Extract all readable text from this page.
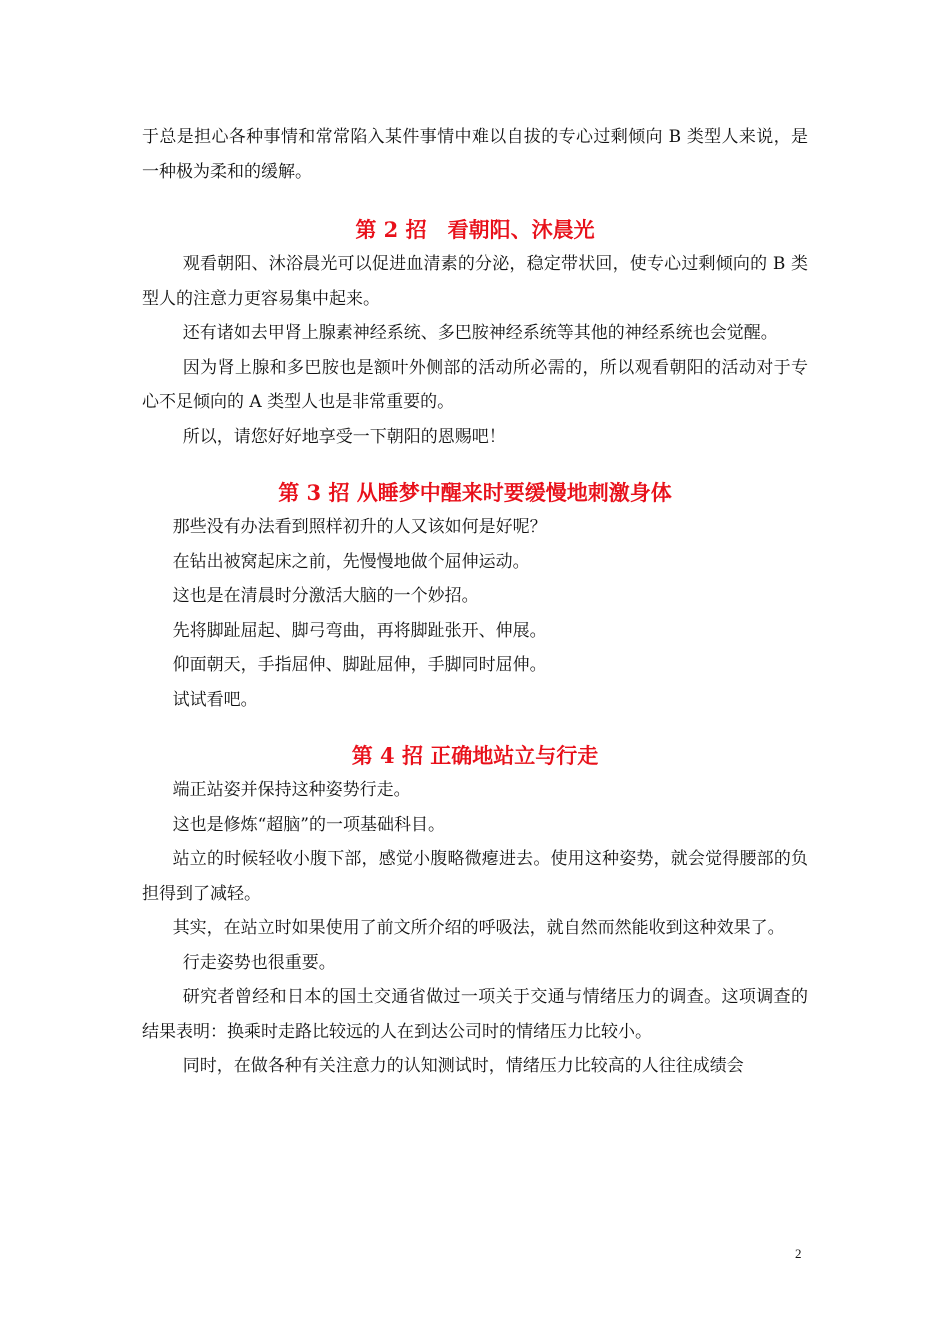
于总是担心各种事情和常常陷入某件事情中难以自拔的专心过剩倾向 B 类型人来说，是一种极为柔和的缓解。

第 2 招　看朝阳、沐晨光

观看朝阳、沐浴晨光可以促进血清素的分泌，稳定带状回，使专心过剩倾向的 B 类型人的注意力更容易集中起来。

还有诸如去甲肾上腺素神经系统、多巴胺神经系统等其他的神经系统也会觉醒。

因为肾上腺和多巴胺也是额叶外侧部的活动所必需的，所以观看朝阳的活动对于专心不足倾向的 A 类型人也是非常重要的。

所以，请您好好地享受一下朝阳的恩赐吧！

第 3 招 从睡梦中醒来时要缓慢地刺激身体

那些没有办法看到照样初升的人又该如何是好呢？

在钻出被窝起床之前，先慢慢地做个屈伸运动。

这也是在清晨时分激活大脑的一个妙招。

先将脚趾屈起、脚弓弯曲，再将脚趾张开、伸展。

仰面朝天，手指屈伸、脚趾屈伸，手脚同时屈伸。

试试看吧。

第 4 招 正确地站立与行走

端正站姿并保持这种姿势行走。

这也是修炼“超脑”的一项基础科目。

站立的时候轻收小腹下部，感觉小腹略微瘪进去。使用这种姿势，就会觉得腰部的负担得到了减轻。

其实，在站立时如果使用了前文所介绍的呼吸法，就自然而然能收到这种效果了。

行走姿势也很重要。

研究者曾经和日本的国土交通省做过一项关于交通与情绪压力的调查。这项调查的结果表明：换乘时走路比较远的人在到达公司时的情绪压力比较小。

同时，在做各种有关注意力的认知测试时，情绪压力比较高的人往往成绩会

2
